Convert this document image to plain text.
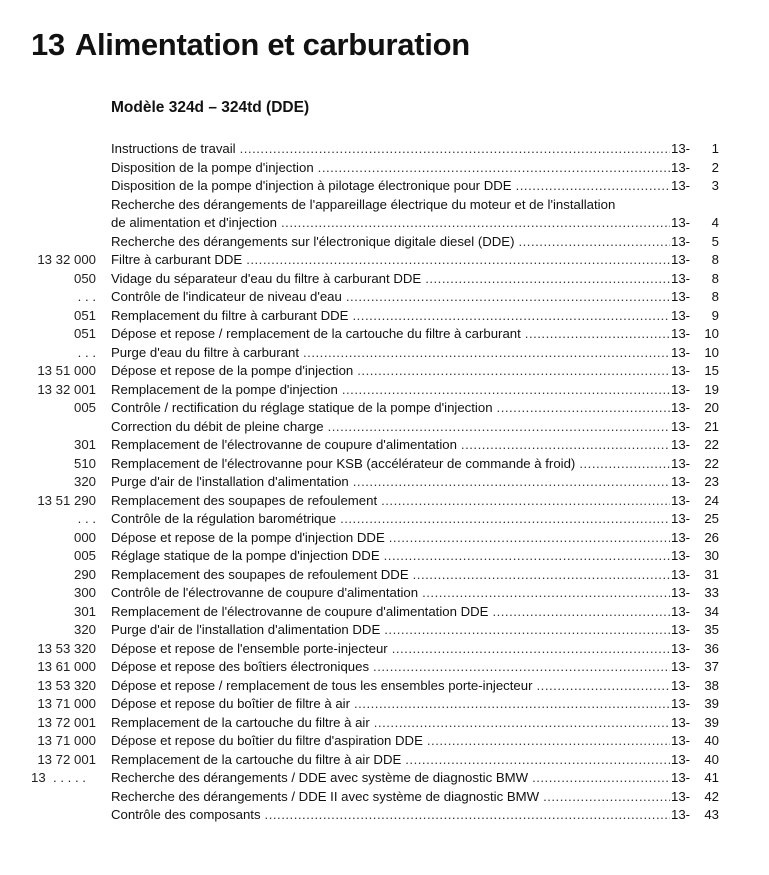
13 Alimentation et carburation
Modèle 324d – 324td (DDE)
Instructions de travail .....	13- 1
Disposition de la pompe d'injection .....	13- 2
Disposition de la pompe d'injection à pilotage électronique pour DDE .....	13- 3
Recherche des dérangements de l'appareillage électrique du moteur et de l'installation
de alimentation et d'injection .....	13- 4
Recherche des dérangements sur l'électronique digitale diesel (DDE) .....	13- 5
13 32 000 Filtre à carburant DDE .....	13- 8
050 Vidage du séparateur d'eau du filtre à carburant DDE .....	13- 8
. . . Contrôle de l'indicateur de niveau d'eau .....	13- 8
051 Remplacement du filtre à carburant DDE .....	13- 9
051 Dépose et repose / remplacement de la cartouche du filtre à carburant .....	13- 10
. . . Purge d'eau du filtre à carburant .....	13- 10
13 51 000 Dépose et repose de la pompe d'injection .....	13- 15
13 32 001 Remplacement de la pompe d'injection .....	13- 19
005 Contrôle / rectification du réglage statique de la pompe d'injection .....	13- 20
Correction du débit de pleine charge .....	13- 21
301 Remplacement de l'électrovanne de coupure d'alimentation .....	13- 22
510 Remplacement de l'électrovanne pour KSB (accélérateur de commande à froid) .....	13- 22
320 Purge d'air de l'installation d'alimentation .....	13- 23
13 51 290 Remplacement des soupapes de refoulement .....	13- 24
. . . Contrôle de la régulation barométrique .....	13- 25
000 Dépose et repose de la pompe d'injection DDE .....	13- 26
005 Réglage statique de la pompe d'injection DDE .....	13- 30
290 Remplacement des soupapes de refoulement DDE .....	13- 31
300 Contrôle de l'électrovanne de coupure d'alimentation .....	13- 33
301 Remplacement de l'électrovanne de coupure d'alimentation DDE .....	13- 34
320 Purge d'air de l'installation d'alimentation DDE .....	13- 35
13 53 320 Dépose et repose de l'ensemble porte-injecteur .....	13- 36
13 61 000 Dépose et repose des boîtiers électroniques .....	13- 37
13 53 320 Dépose et repose / remplacement de tous les ensembles porte-injecteur .....	13- 38
13 71 000 Dépose et repose du boîtier de filtre à air .....	13- 39
13 72 001 Remplacement de la cartouche du filtre à air .....	13- 39
13 71 000 Dépose et repose du boîtier du filtre d'aspiration DDE .....	13- 40
13 72 001 Remplacement de la cartouche du filtre à air DDE .....	13- 40
13  . . . . . Recherche des dérangements / DDE avec système de diagnostic BMW .....	13- 41
Recherche des dérangements / DDE II avec système de diagnostic BMW .....	13- 42
Contrôle des composants .....	13- 43
